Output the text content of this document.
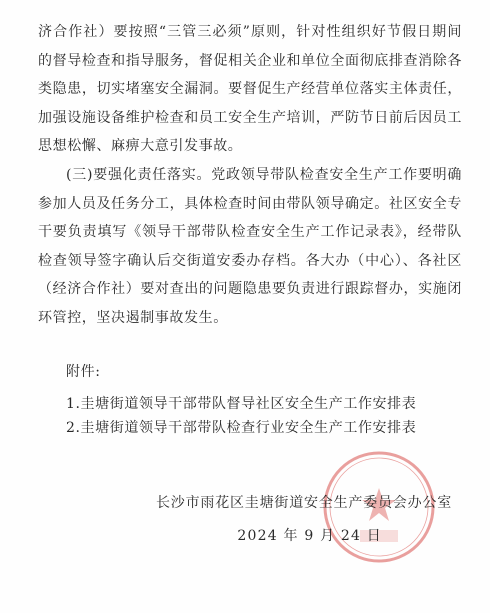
济合作社）要按照“三管三必须”原则，针对性组织好节假日期间的督导检查和指导服务，督促相关企业和单位全面彻底排查消除各类隐患，切实堵塞安全漏洞。要督促生产经营单位落实主体责任，加强设施设备维护检查和员工安全生产培训，严防节日前后因员工思想松懈、麻痹大意引发事故。

(三)要强化责任落实。党政领导带队检查安全生产工作要明确参加人员及任务分工，具体检查时间由带队领导确定。社区安全专干要负责填写《领导干部带队检查安全生产工作记录表》，经带队检查领导签字确认后交街道安委办存档。各大办（中心）、各社区（经济合作社）要对查出的问题隐患要负责进行跟踪督办，实施闭环管控，坚决遏制事故发生。

附件:

1.圭塘街道领导干部带队督导社区安全生产工作安排表

2.圭塘街道领导干部带队检查行业安全生产工作安排表

长沙市雨花区圭塘街道安全生产委员会办公室
2024 年 9 月 24 日
